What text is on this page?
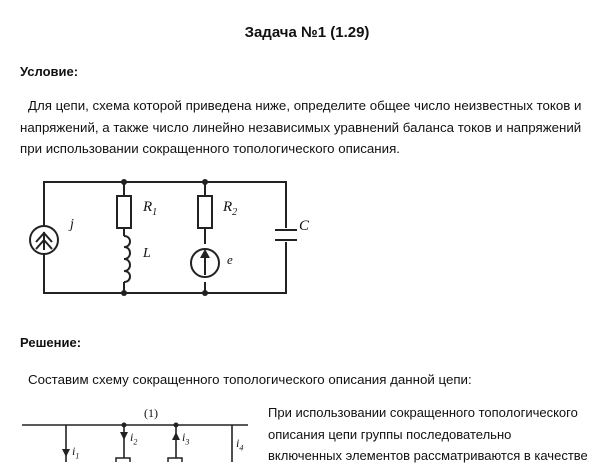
Задача №1 (1.29)
Условие:
Для цепи, схема которой приведена ниже, определите общее число неизвестных токов и
напряжений, а также число линейно независимых уравнений баланса токов и напряжений
при использовании сокращенного топологического описания.
j
$R_1$
L
$R_2$
e
C
Решение:
Составим схему сокращенного топологического описания данной цепи:
(1)
$i_1$
$i_2$	$i_3$	$i_4$
При использовании сокращенного топологического
описания цепи группы последовательно
включенных элементов рассматриваются в качестве
